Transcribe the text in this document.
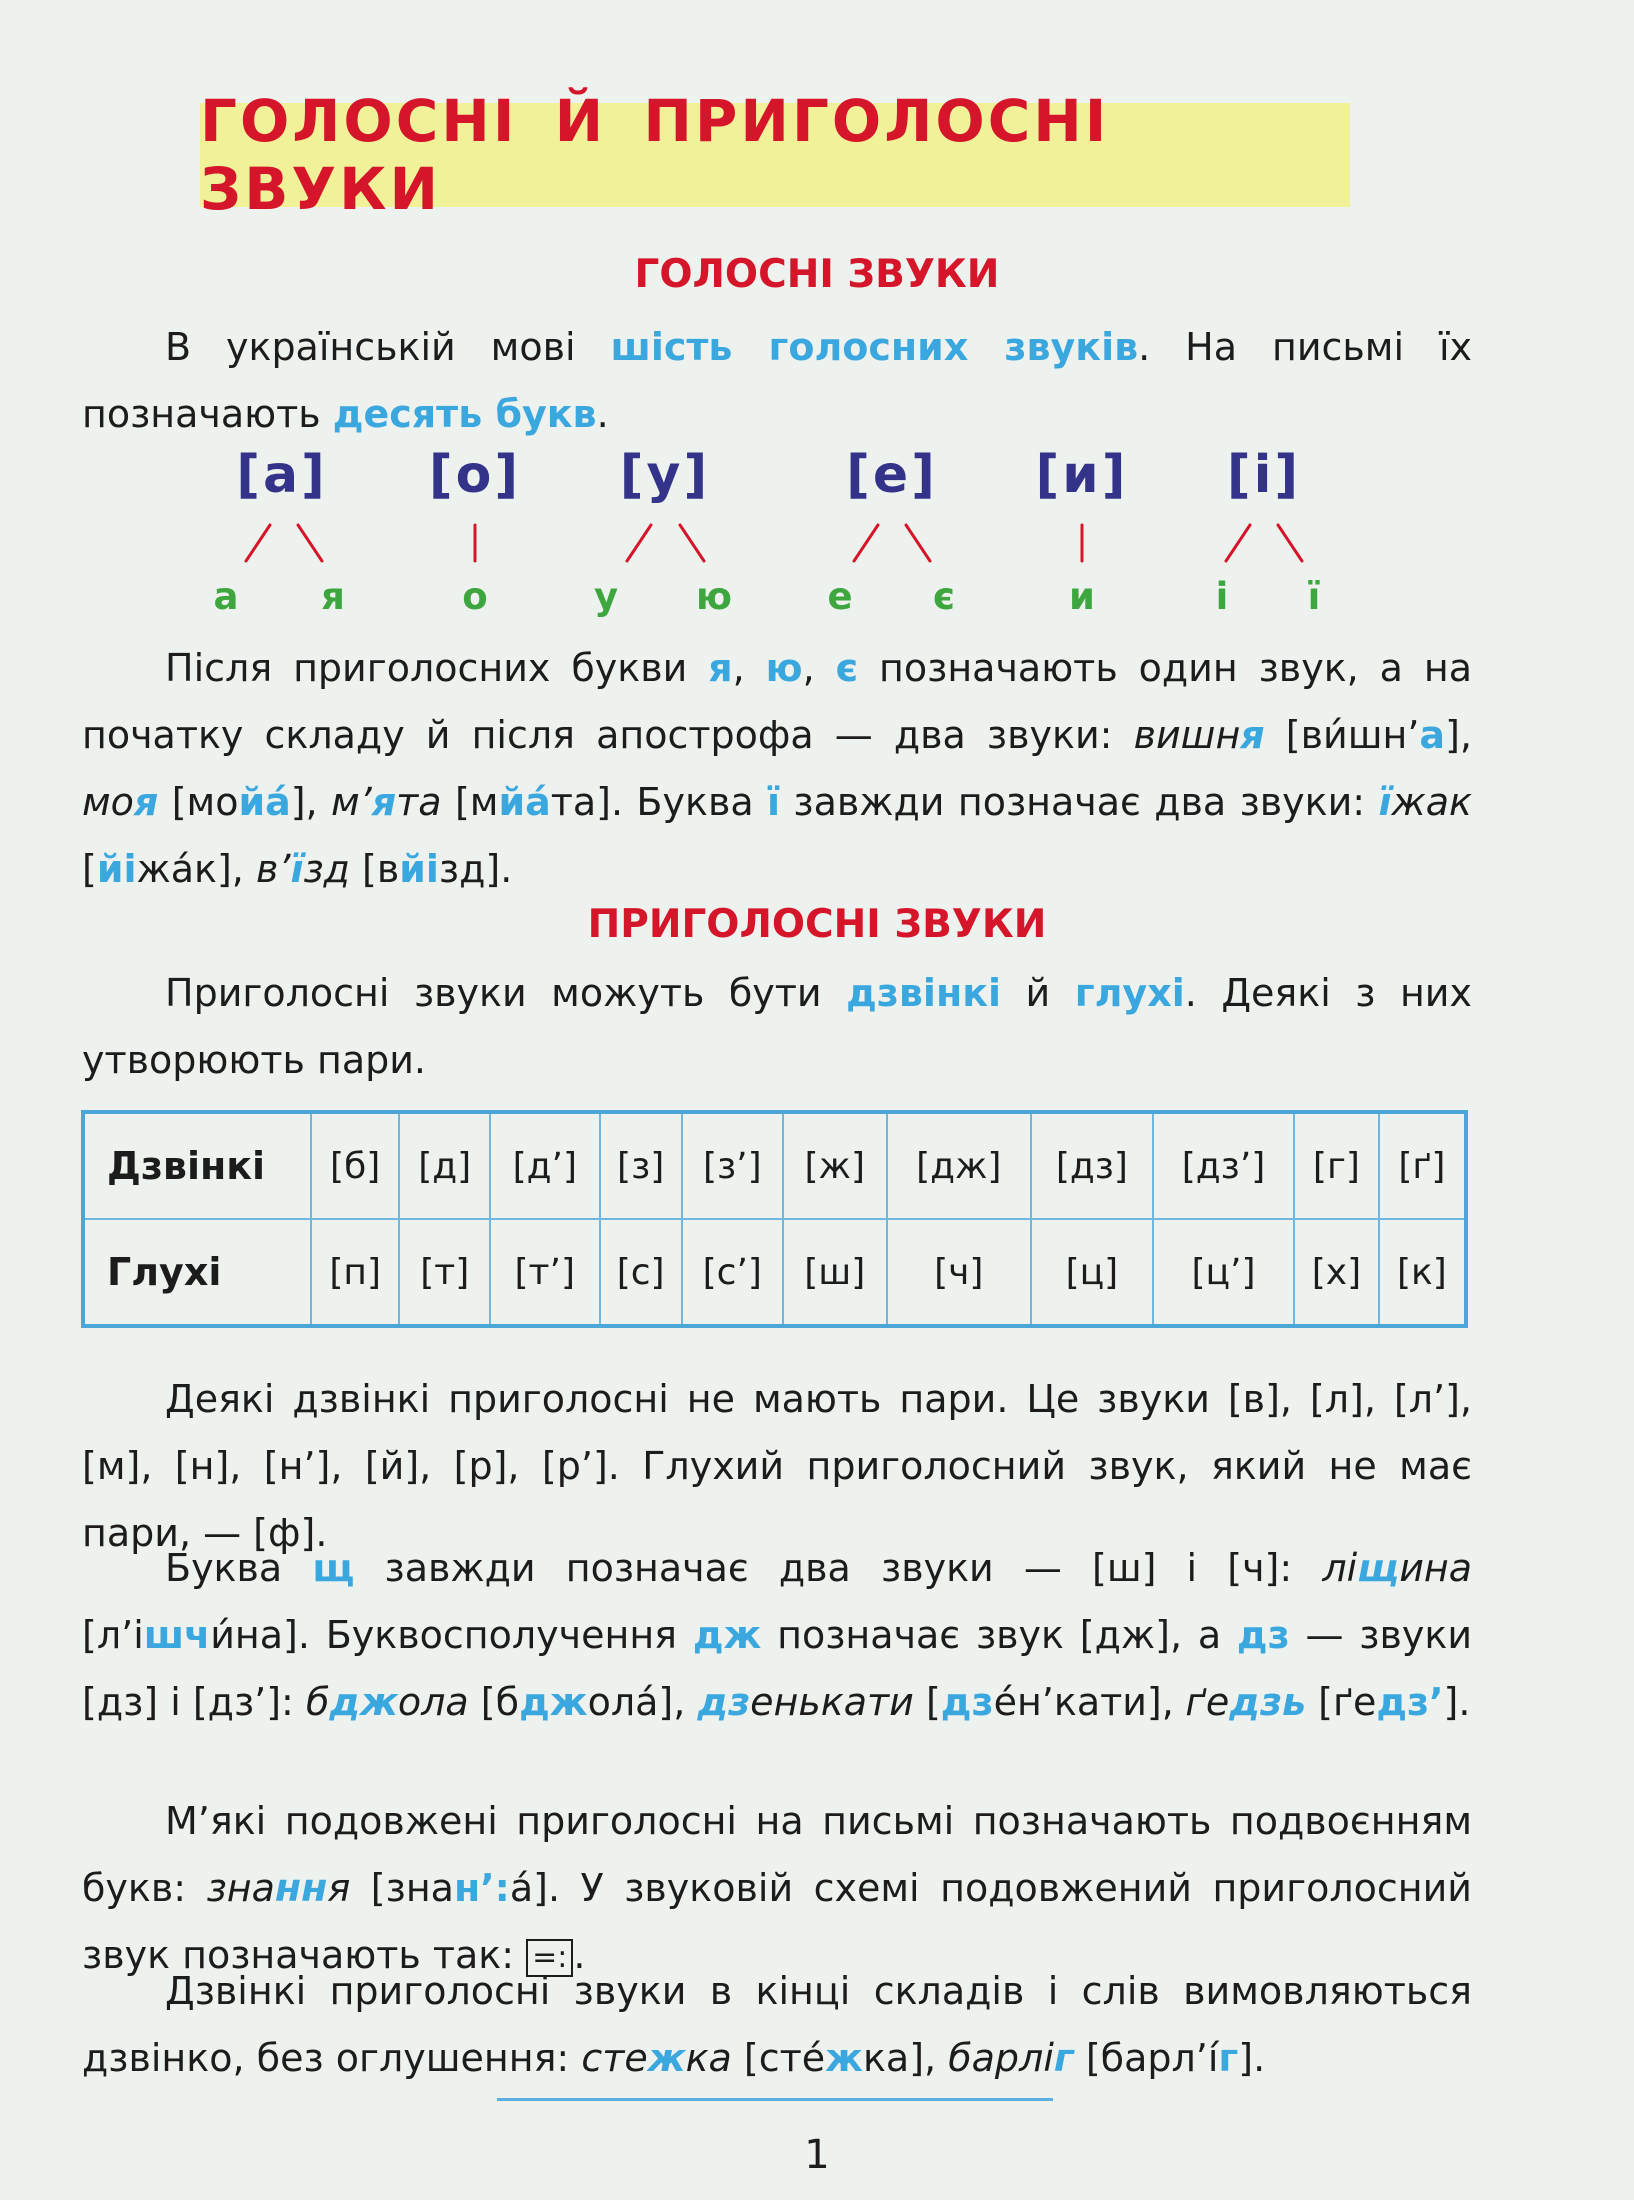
ГОЛОСНІ Й ПРИГОЛОСНІ ЗВУКИ
ГОЛОСНІ ЗВУКИ

В українській мові шість голосних звуків. На письмі їх позначають десять букв.

[а] [о] [у]	[е] [и] [і]
а я	о	у ю	е є	и	і ї

Після приголосних букви я, ю, є позначають один звук, а на початку складу й після апострофа — два звуки: вишня [ви́шн’а], моя [мойа́], м’ята [мйа́та]. Буква ї завжди позначає два звуки: їжак [йіжа́к], в’їзд [вйізд].

ПРИГОЛОСНІ ЗВУКИ

Приголосні звуки можуть бути дзвінкі й глухі. Деякі з них утворюють пари.

Дзвінкі	[б]	[д]	[д’]	[з]	[з’]	[ж]	[дж]	[дз]	[дз’]	[г]	[ґ]
Глухі	[п]	[т]	[т’]	[с]	[с’]	[ш]	[ч]	[ц]	[ц’]	[х]	[к]

Деякі дзвінкі приголосні не мають пари. Це звуки [в], [л], [л’], [м], [н], [н’], [й], [р], [р’]. Глухий приголосний звук, який не має пари, — [ф].

Буква щ завжди позначає два звуки — [ш] і [ч]: ліщина [л’ішчи́на]. Буквосполучення дж позначає звук [дж], а дз — звуки [дз] і [дз’]: бджола [бджола́], дзенькати [дзе́н’кати], ґедзь [ґедз’].

М’які подовжені приголосні на письмі позначають подвоєнням букв: знання [знан’:а́]. У звуковій схемі подовжений приголосний звук позначають так: =: .

Дзвінкі приголосні звуки в кінці складів і слів вимовляються дзвінко, без оглушення: стежка [сте́жка], барліг [барл’і́г].

1
